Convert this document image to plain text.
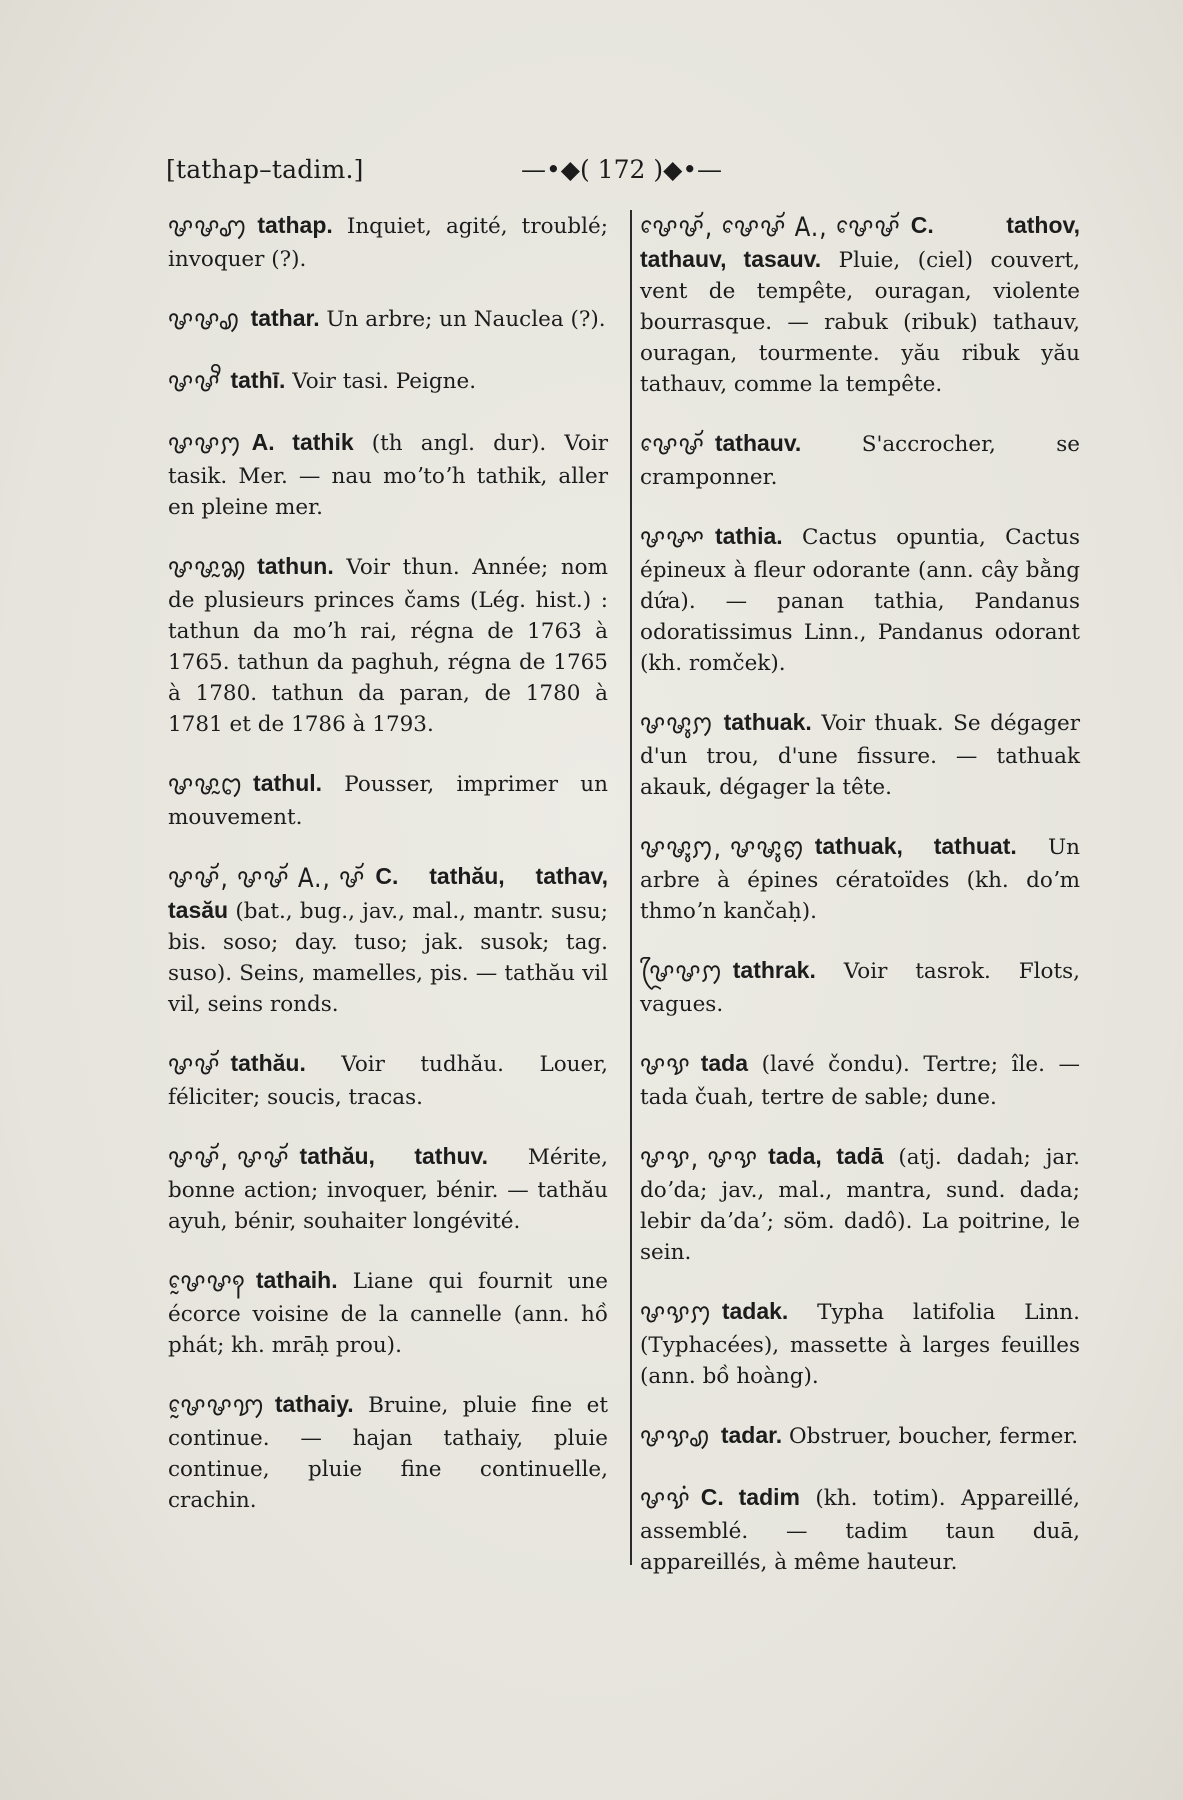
[tathap–tadim.]	—•◆( 172 )◆•—

ꨔꨔꩇ tathap. Inquiet, agité, troublé; invoquer (?).

ꨔꨔꩉ tathar. Un arbre; un Nauclea (?).

ꨔꨔꨪ tathī. Voir tasi. Peigne.

ꨔꨔꩀ A. tathik (th angl. dur). Voir tasik. Mer. — nau moʼtoʼh tathik, aller en pleine mer.

ꨔꨔꨭꩆ tathun. Voir thun. Année; nom de plusieurs princes čams (Lég. hist.) : tathun da moʼh rai, régna de 1763 à 1765. tathun da paghuh, régna de 1765 à 1780. tathun da paran, de 1780 à 1781 et de 1786 à 1793.

ꨔꨔꨭꩊ tathul. Pousser, imprimer un mouvement.

ꨔꨔꨮ, ꨔꨔꨮ A., ꨔꨮ C. tathău, tathav, tasău (bat., bug., jav., mal., mantr. susu; bis. soso; day. tuso; jak. susok; tag. suso). Seins, mamelles, pis. — tathău vil vil, seins ronds.

ꨔꨔꨮ tathău. Voir tudhău. Louer, féliciter; soucis, tracas.

ꨔꨔꨮ, ꨔꨔꨮ tathău, tathuv. Mérite, bonne action; invoquer, bénir. — tathău ayuh, bénir, souhaiter longévité.

ꨔꨰꨔꩍ tathaih. Liane qui fournit une écorce voisine de la cannelle (ann. hồ phát; kh. mrāḥ prou).

ꨔꨰꨔꩈ tathaiy. Bruine, pluie fine et continue. — hajan tathaiy, pluie continue, pluie fine continuelle, crachin.

ꨔꨯꨔꨮ, ꨔꨯꨔꨮ A., ꨔꨯꨔꨮ C. tathov, tathauv, tasauv. Pluie, (ciel) couvert, vent de tempête, ouragan, violente bourrasque. — rabuk (ribuk) tathauv, ouragan, tourmente. yău ribuk yău tathauv, comme la tempête.

ꨔꨯꨔꨮ tathauv. S'accrocher, se cramponner.

ꨔꨔꨳ tathia. Cactus opuntia, Cactus épineux à fleur odorante (ann. cây bằng dứa). — panan tathia, Pandanus odoratissimus Linn., Pandanus odorant (kh. romček).

ꨔꨔꨶꩀ tathuak. Voir thuak. Se dégager d'un trou, d'une fissure. — tathuak akauk, dégager la tête.

ꨔꨔꨶꩀ, ꨔꨔꨶꩅ tathuak, tathuat. Un arbre à épines cératoïdes (kh. doʼm thmoʼn kančaḥ).

ꨔꨴꨔꩀ tathrak. Voir tasrok. Flots, vagues.

ꨔꨕ tada (lavé čondu). Tertre; île. — tada čuah, tertre de sable; dune.

ꨔꨕ, ꨔꨕ tada, tadā (atj. dadah; jar. doʼda; jav., mal., mantra, sund. dada; lebir daʼdaʼ; söm. dadô). La poitrine, le sein.

ꨔꨕꩀ tadak. Typha latifolia Linn. (Typhacées), massette à larges feuilles (ann. bồ hoàng).

ꨔꨕꩉ tadar. Obstruer, boucher, fermer.

ꨔꨕꩌ C. tadim (kh. totim). Appareillé, assemblé. — tadim taun duā, appareillés, à même hauteur.
